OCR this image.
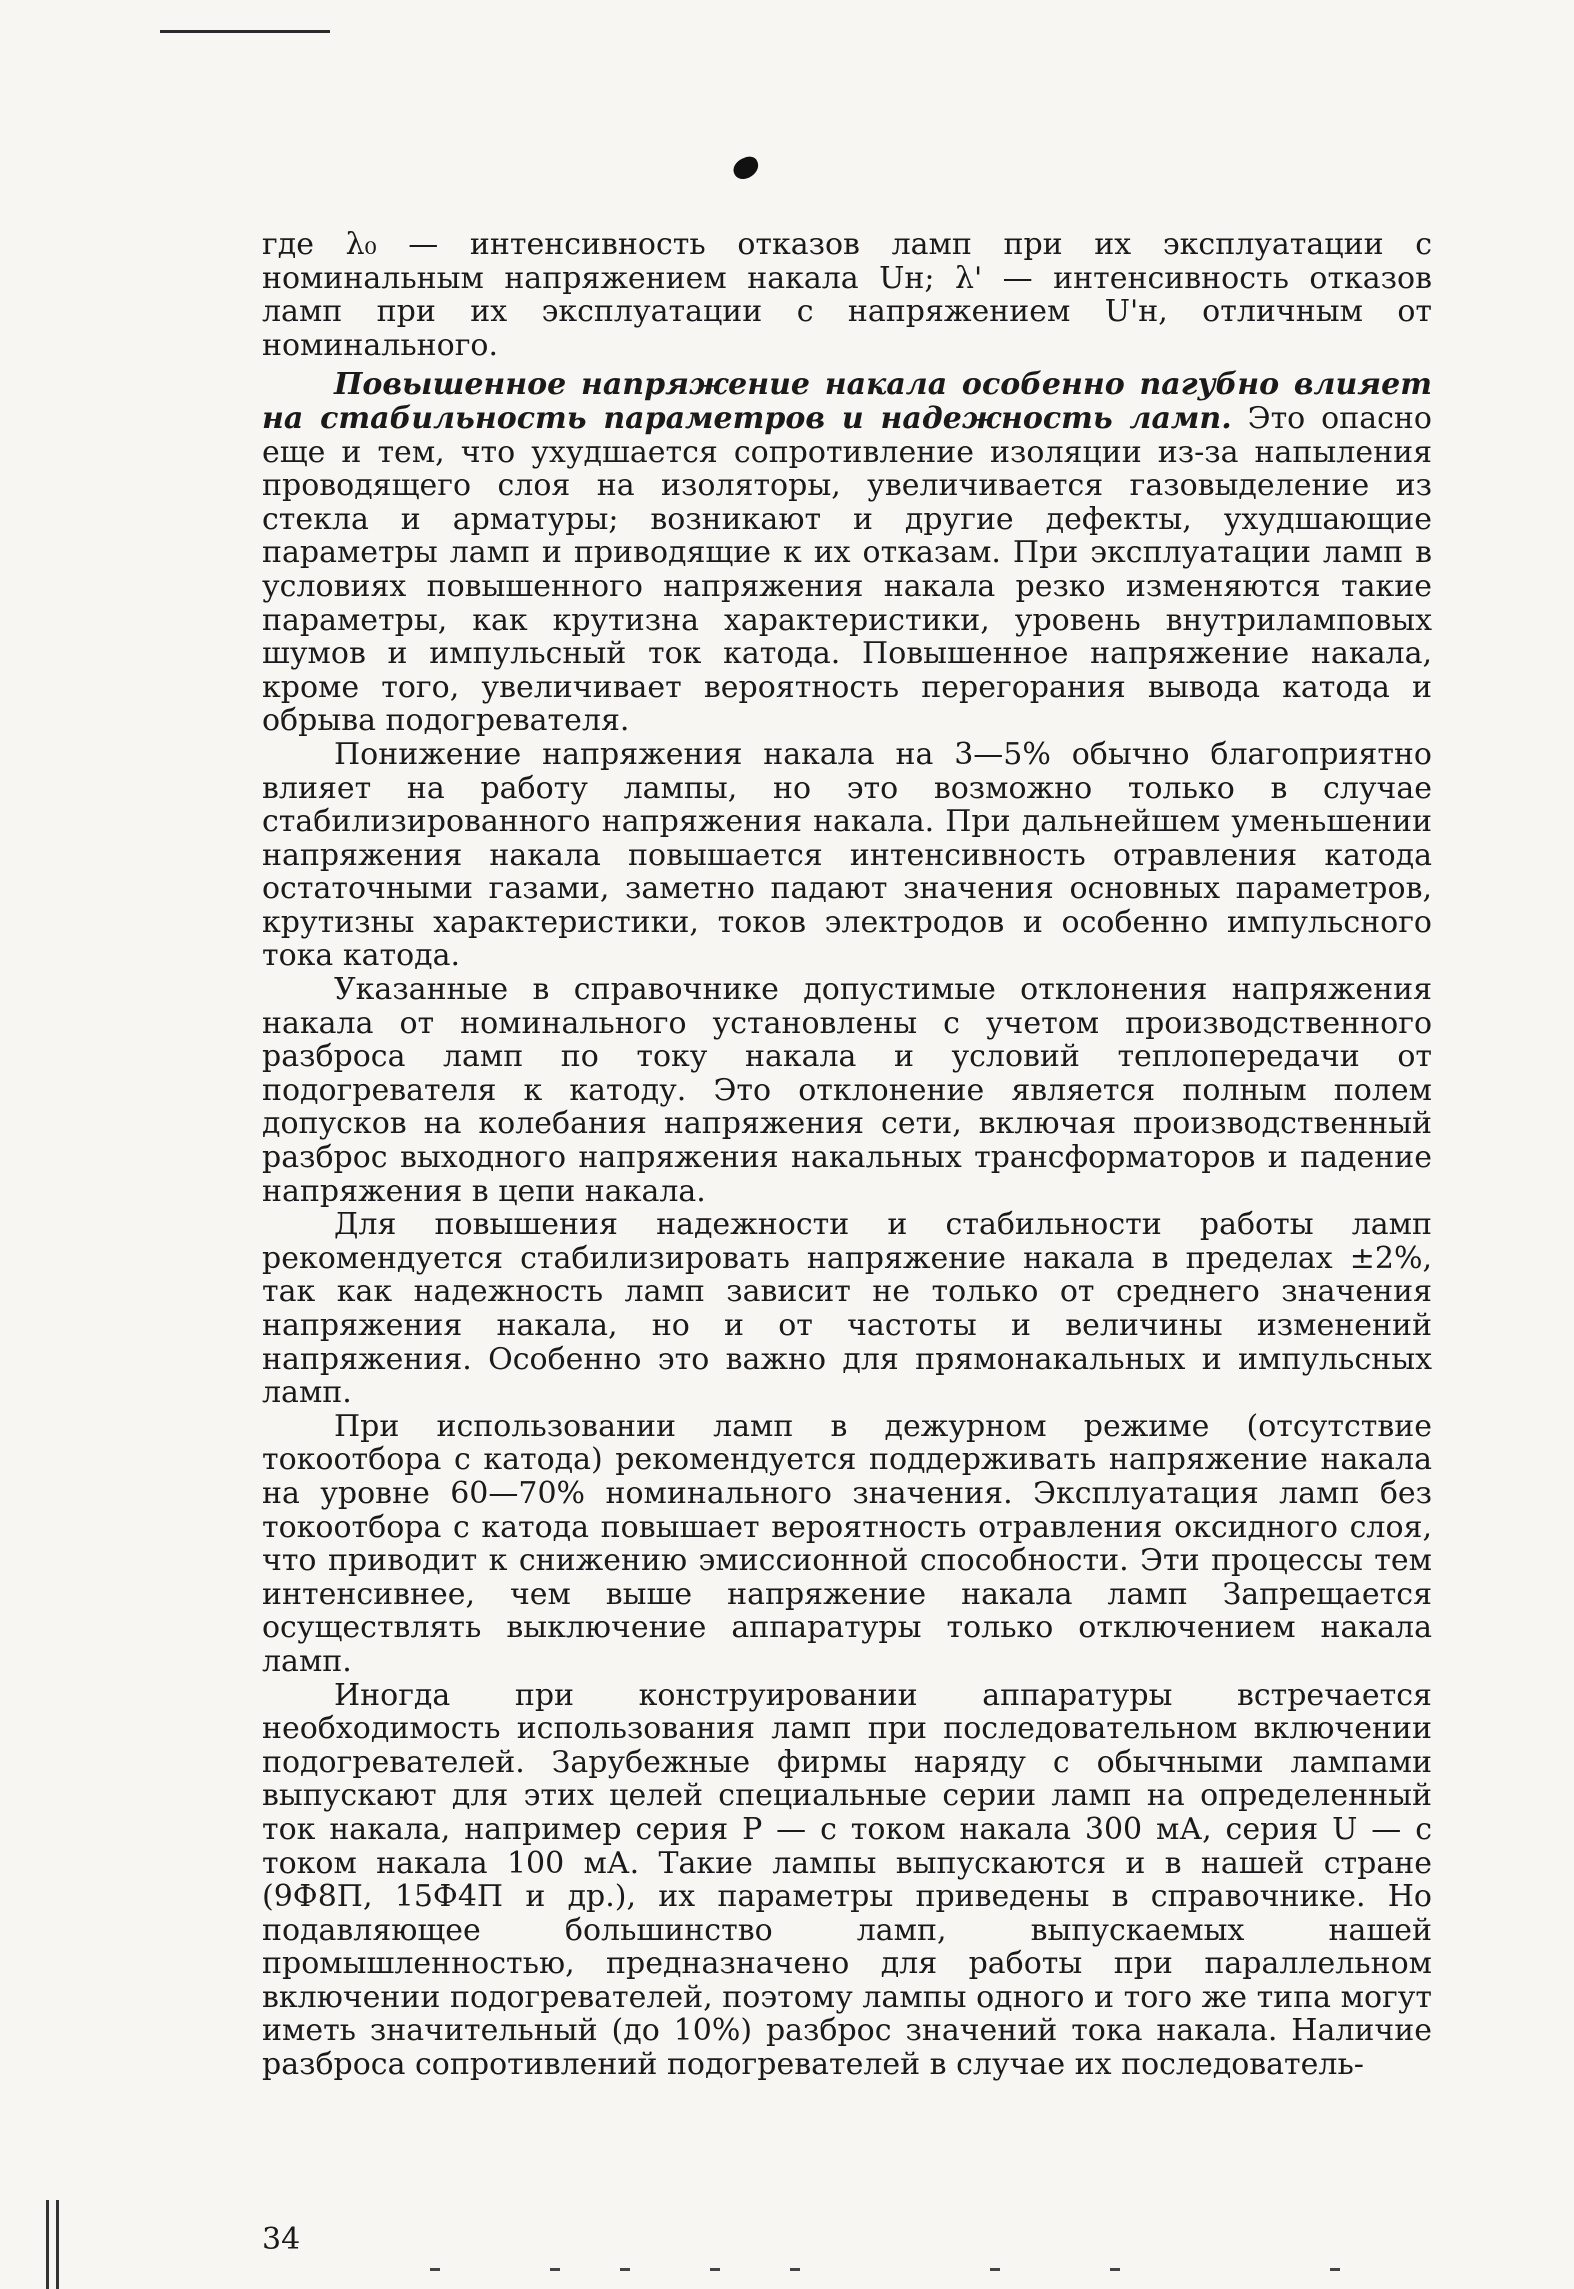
где λ₀ — интенсивность отказов ламп при их эксплуатации с номинальным напряжением накала Uн; λ' — интенсивность отказов ламп при их эксплуатации с напряжением U'н, отличным от номинального.

Повышенное напряжение накала особенно пагубно влияет на стабильность параметров и надежность ламп. Это опасно еще и тем, что ухудшается сопротивление изоляции из-за напыления проводящего слоя на изоляторы, увеличивается газовыделение из стекла и арматуры; возникают и другие дефекты, ухудшающие параметры ламп и приводящие к их отказам. При эксплуатации ламп в условиях повышенного напряжения накала резко изменяются такие параметры, как крутизна характеристики, уровень внутриламповых шумов и импульсный ток катода. Повышенное напряжение накала, кроме того, увеличивает вероятность перегорания вывода катода и обрыва подогревателя.

Понижение напряжения накала на 3—5% обычно благоприятно влияет на работу лампы, но это возможно только в случае стабилизированного напряжения накала. При дальнейшем уменьшении напряжения накала повышается интенсивность отравления катода остаточными газами, заметно падают значения основных параметров, крутизны характеристики, токов электродов и особенно импульсного тока катода.

Указанные в справочнике допустимые отклонения напряжения накала от номинального установлены с учетом производственного разброса ламп по току накала и условий теплопередачи от подогревателя к катоду. Это отклонение является полным полем допусков на колебания напряжения сети, включая производственный разброс выходного напряжения накальных трансформаторов и падение напряжения в цепи накала.

Для повышения надежности и стабильности работы ламп рекомендуется стабилизировать напряжение накала в пределах ±2%, так как надежность ламп зависит не только от среднего значения напряжения накала, но и от частоты и величины изменений напряжения. Особенно это важно для прямонакальных и импульсных ламп.

При использовании ламп в дежурном режиме (отсутствие токоотбора с катода) рекомендуется поддерживать напряжение накала на уровне 60—70% номинального значения. Эксплуатация ламп без токоотбора с катода повышает вероятность отравления оксидного слоя, что приводит к снижению эмиссионной способности. Эти процессы тем интенсивнее, чем выше напряжение накала ламп Запрещается осуществлять выключение аппаратуры только отключением накала ламп.

Иногда при конструировании аппаратуры встречается необходимость использования ламп при последовательном включении подогревателей. Зарубежные фирмы наряду с обычными лампами выпускают для этих целей специальные серии ламп на определенный ток накала, например серия Р — с током накала 300 мА, серия U — с током накала 100 мА. Такие лампы выпускаются и в нашей стране (9Ф8П, 15Ф4П и др.), их параметры приведены в справочнике. Но подавляющее большинство ламп, выпускаемых нашей промышленностью, предназначено для работы при параллельном включении подогревателей, поэтому лампы одного и того же типа могут иметь значительный (до 10%) разброс значений тока накала. Наличие разброса сопротивлений подогревателей в случае их последователь-

34
